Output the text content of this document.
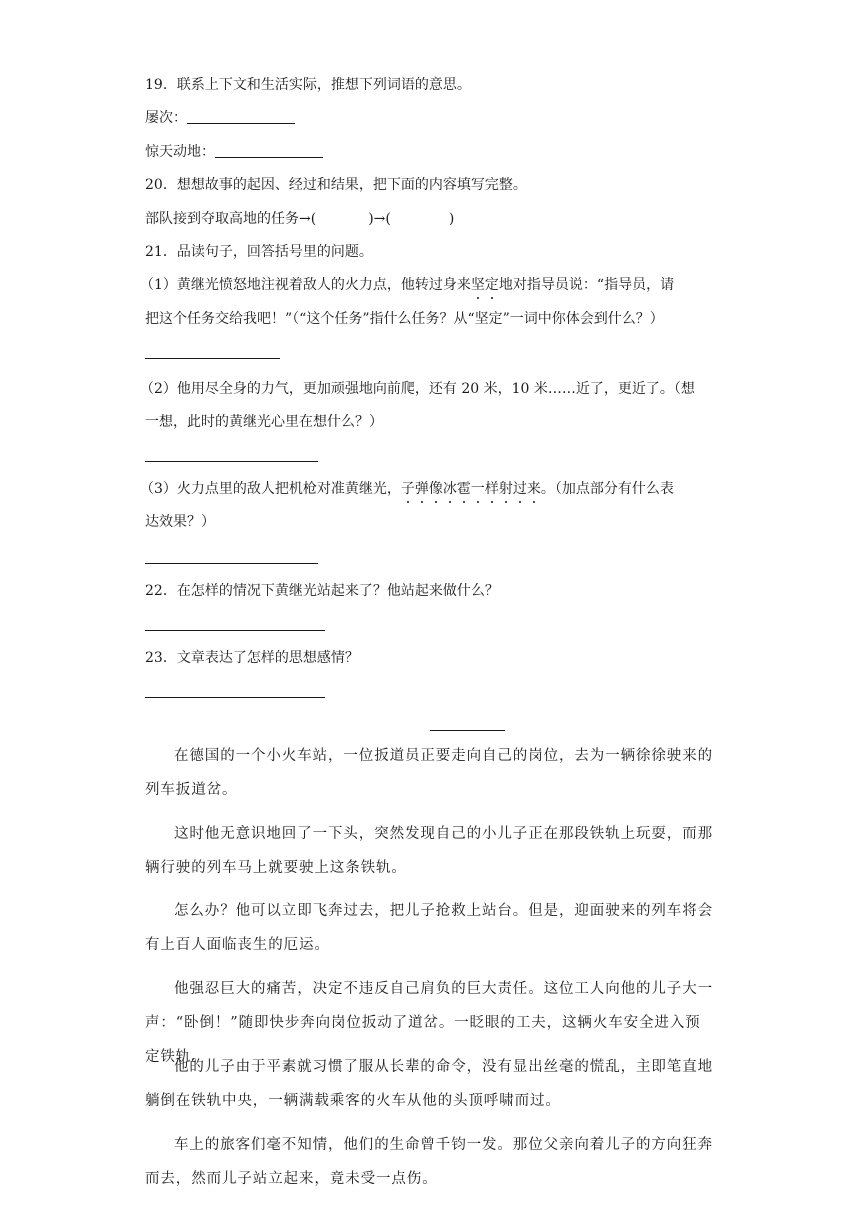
19．联系上下文和生活实际，推想下列词语的意思。
屡次：
惊天动地：
20．想想故事的起因、经过和结果，把下面的内容填写完整。
部队接到夺取高地的任务→(	)→(	)
21．品读句子，回答括号里的问题。
（1）黄继光愤怒地注视着敌人的火力点，他转过身来坚定地对指导员说：“指导员，请
把这个任务交给我吧！”（“这个任务”指什么任务？从“坚定”一词中你体会到什么？）
（2）他用尽全身的力气，更加顽强地向前爬，还有 20 米，10 米……近了，更近了。（想
一想，此时的黄继光心里在想什么？）
（3）火力点里的敌人把机枪对准黄继光，子弹像冰雹一样射过来。（加点部分有什么表
达效果？）
22．在怎样的情况下黄继光站起来了？他站起来做什么？
23．文章表达了怎样的思想感情？

在德国的一个小火车站，一位扳道员正要走向自己的岗位，去为一辆徐徐驶来的列车扳道岔。

这时他无意识地回了一下头，突然发现自己的小儿子正在那段铁轨上玩耍，而那辆行驶的列车马上就要驶上这条铁轨。

怎么办？他可以立即飞奔过去，把儿子抢救上站台。但是，迎面驶来的列车将会有上百人面临丧生的厄运。

他强忍巨大的痛苦，决定不违反自己肩负的巨大责任。这位工人向他的儿子大一声：“卧倒！”随即快步奔向岗位扳动了道岔。一眨眼的工夫，这辆火车安全进入预定铁轨。

他的儿子由于平素就习惯了服从长辈的命令，没有显出丝毫的慌乱，主即笔直地躺倒在铁轨中央，一辆满载乘客的火车从他的头顶呼啸而过。

车上的旅客们毫不知情，他们的生命曾千钧一发。那位父亲向着儿子的方向狂奔而去，然而儿子站立起来，竟未受一点伤。
